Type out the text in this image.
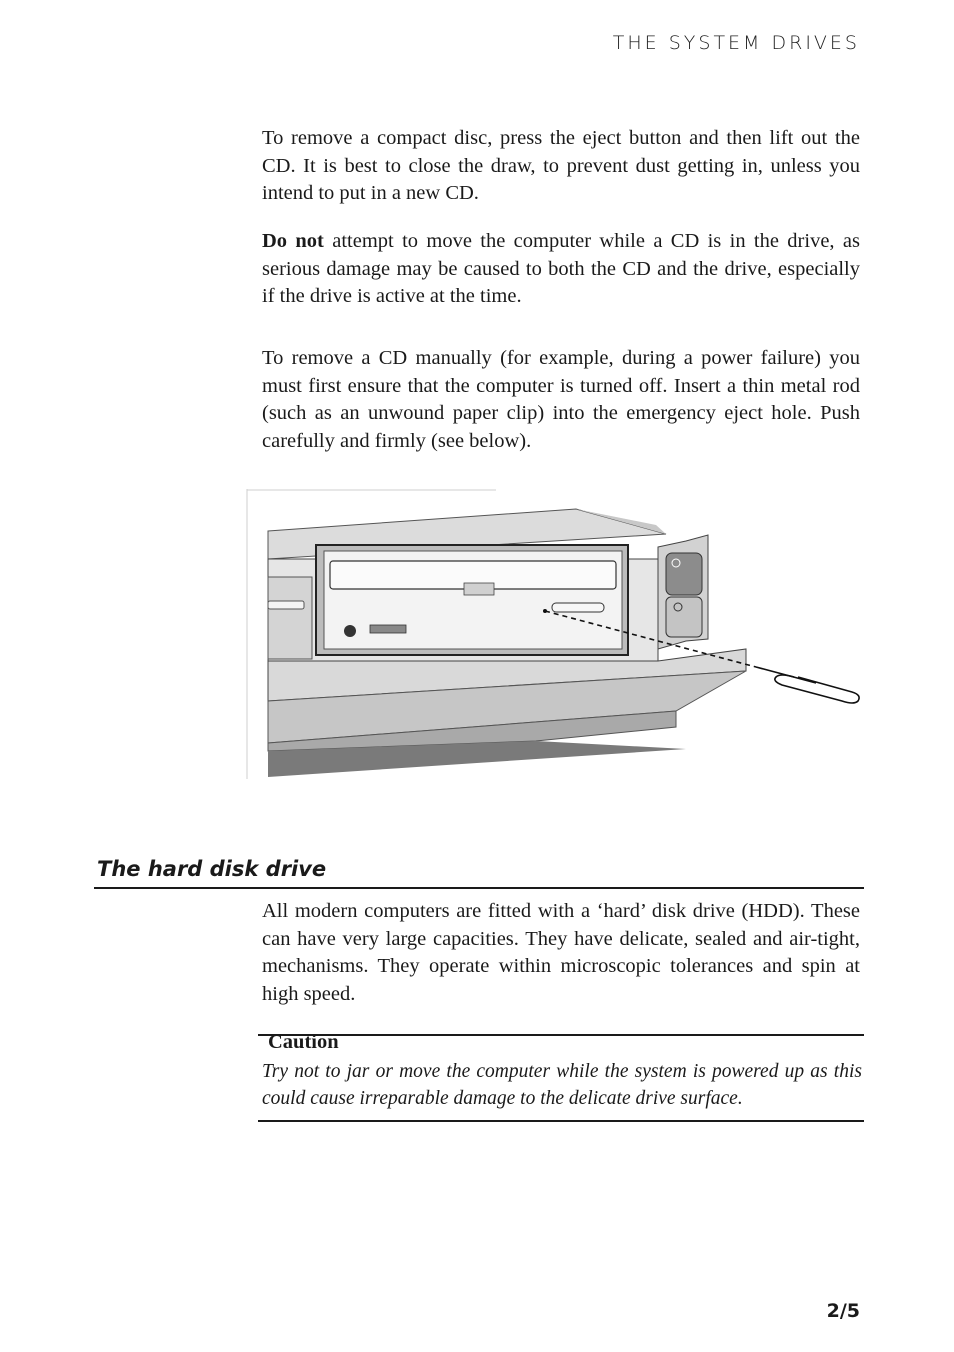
THE SYSTEM DRIVES

To remove a compact disc, press the eject button and then lift out the CD. It is best to close the draw, to prevent dust getting in, unless you intend to put in a new CD.

Do not attempt to move the computer while a CD is in the drive, as serious damage may be caused to both the CD and the drive, especially if the drive is active at the time.

To remove a CD manually (for example, during a power failure) you must first ensure that the computer is turned off. Insert a thin metal rod (such as an unwound paper clip) into the emergency eject hole. Push carefully and firmly (see below).

The hard disk drive

All modern computers are fitted with a ‘hard’ disk drive (HDD). These can have very large capacities. They have delicate, sealed and air-tight, mechanisms. They operate within microscopic tolerances and spin at high speed.

Caution

Try not to jar or move the computer while the system is powered up as this could cause irreparable damage to the delicate drive surface.

2/5
